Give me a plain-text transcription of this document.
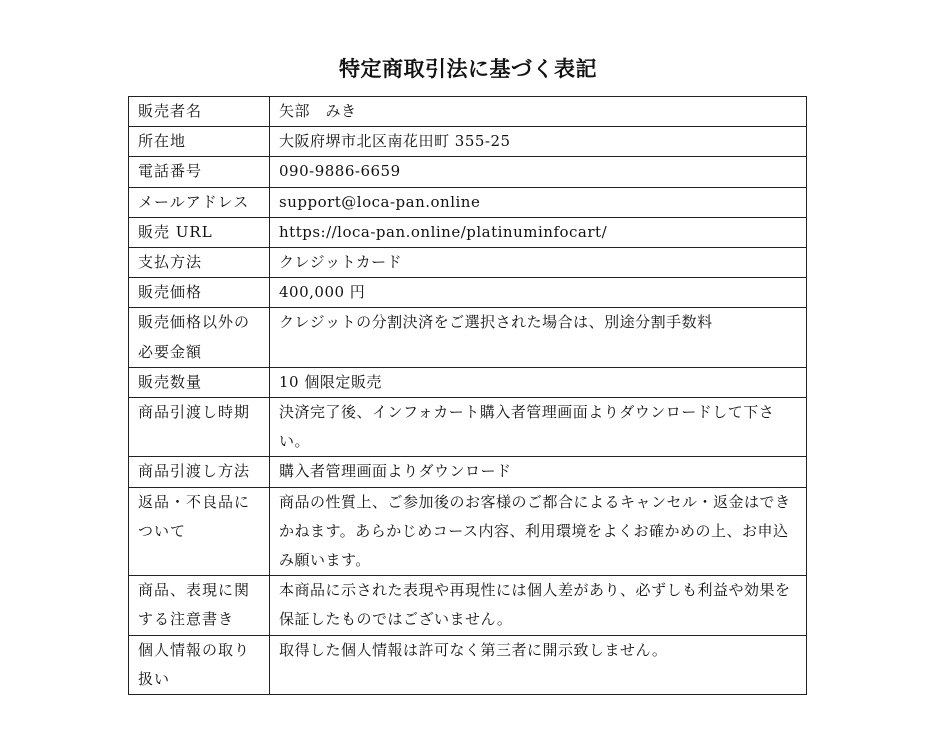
特定商取引法に基づく表記
販売者名	矢部　みき
所在地	大阪府堺市北区南花田町 355-25
電話番号	090-9886-6659
メールアドレス	support@loca-pan.online
販売 URL	https://loca-pan.online/platinuminfocart/
支払方法	クレジットカード
販売価格	400,000 円
販売価格以外の必要金額	クレジットの分割決済をご選択された場合は、別途分割手数料
販売数量	10 個限定販売
商品引渡し時期	決済完了後、インフォカート購入者管理画面よりダウンロードして下さい。
商品引渡し方法	購入者管理画面よりダウンロード
返品・不良品について	商品の性質上、ご参加後のお客様のご都合によるキャンセル・返金はできかねます。あらかじめコース内容、利用環境をよくお確かめの上、お申込み願います。
商品、表現に関する注意書き	本商品に示された表現や再現性には個人差があり、必ずしも利益や効果を保証したものではございません。
個人情報の取り扱い	取得した個人情報は許可なく第三者に開示致しません。
